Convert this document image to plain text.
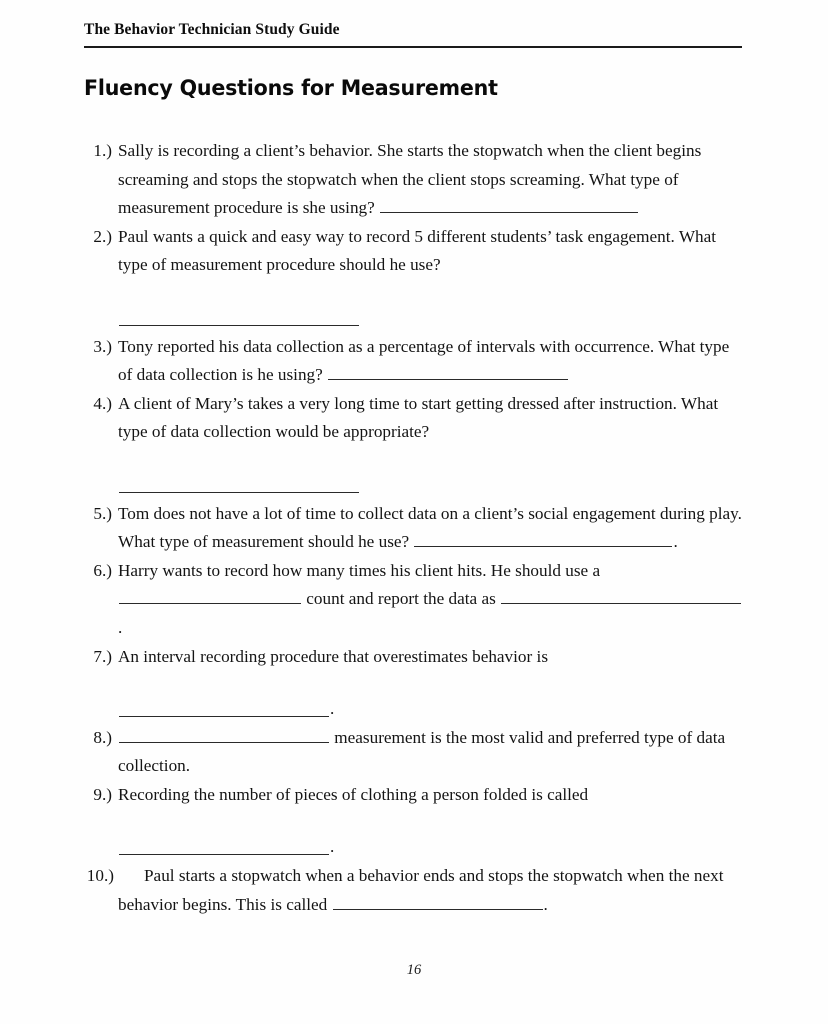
The Behavior Technician Study Guide
Fluency Questions for Measurement
1.) Sally is recording a client’s behavior. She starts the stopwatch when the client begins screaming and stops the stopwatch when the client stops screaming. What type of measurement procedure is she using?
2.) Paul wants a quick and easy way to record 5 different students’ task engagement. What type of measurement procedure should he use?
3.) Tony reported his data collection as a percentage of intervals with occurrence. What type of data collection is he using?
4.) A client of Mary’s takes a very long time to start getting dressed after instruction. What type of data collection would be appropriate?
5.) Tom does not have a lot of time to collect data on a client’s social engagement during play. What type of measurement should he use?	.
6.) Harry wants to record how many times his client hits. He should use a
count and report the data as .
7.) An interval recording procedure that overestimates behavior is
.
8.)	measurement is the most valid and preferred type of data collection.
9.) Recording the number of pieces of clothing a person folded is called
.
10.)	Paul starts a stopwatch when a behavior ends and stops the stopwatch when the next behavior begins. This is called	.
16
